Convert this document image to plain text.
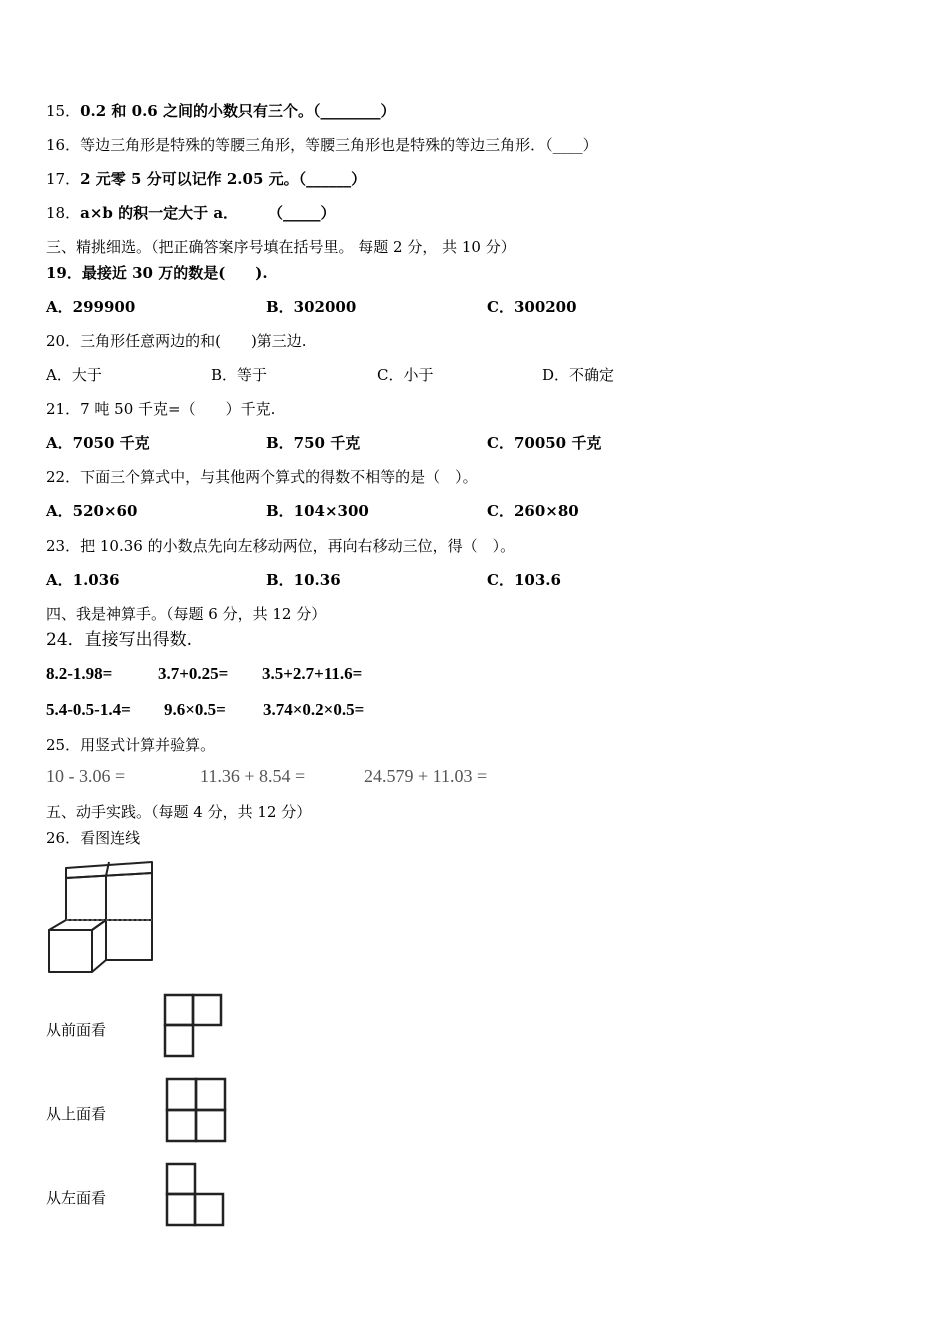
15．0.2 和 0.6 之间的小数只有三个。（________）
16．等边三角形是特殊的等腰三角形，等腰三角形也是特殊的等边三角形．（____）
17．2 元零 5 分可以记作 2.05 元。（______）
18．a×b 的积一定大于 a．　　　（_____）
三、精挑细选。（把正确答案序号填在括号里。 每题 2 分， 共 10 分）
19．最接近 30 万的数是(　　).
A．299900	B．302000	C．300200
20．三角形任意两边的和(　　)第三边.
A．大于	B．等于	C．小于	D．不确定
21．7 吨 50 千克=（　　）千克.
A．7050 千克	B．750 千克	C．70050 千克
22．下面三个算式中，与其他两个算式的得数不相等的是（　）。
A．520×60	B．104×300	C．260×80
23．把 10.36 的小数点先向左移动两位，再向右移动三位，得（　）。
A．1.036	B．10.36	C．103.6
四、我是神算手。（每题 6 分，共 12 分）
24．直接写出得数.
8.2-1.98=	3.7+0.25= 3.5+2.7+11.6=
5.4-0.5-1.4= 9.6×0.5= 3.74×0.2×0.5=
25．用竖式计算并验算。
10 - 3.06 =	11.36 + 8.54 =	24.579 + 11.03 =
五、动手实践。（每题 4 分，共 12 分）
26．看图连线
从前面看
从上面看
从左面看
